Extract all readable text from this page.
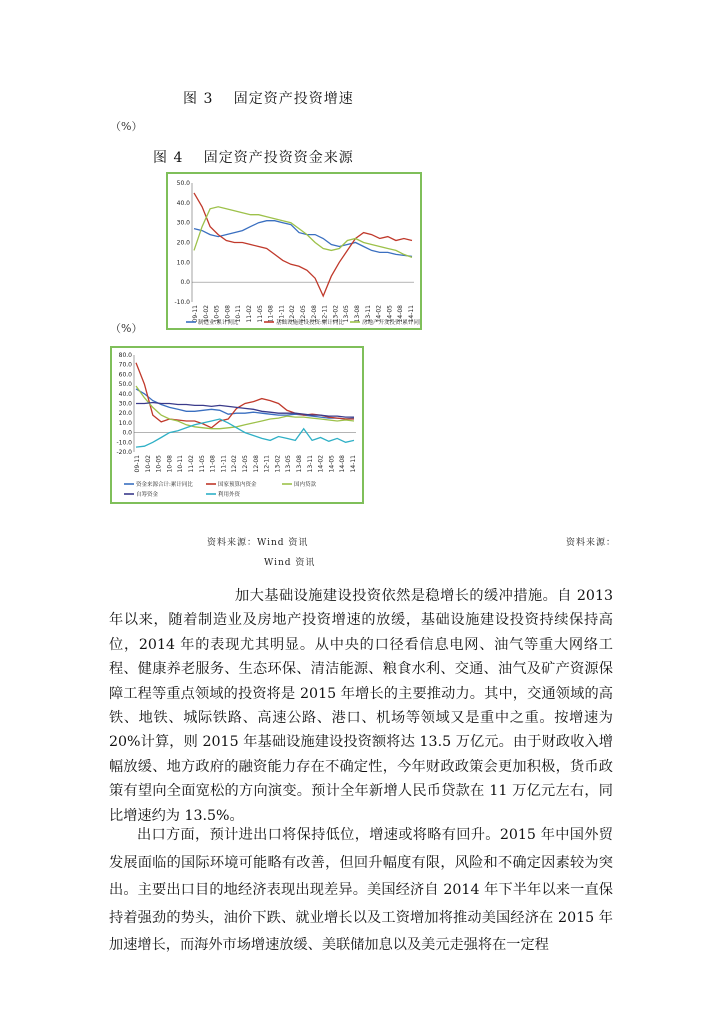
图 3　 固定资产投资增速
（%）
图 4　 固定资产投资资金来源
50.0
40.0
30.0
20.0
10.0
0.0
-10.0
09-11 10-02 10-05 10-08 10-11 11-02 11-05 11-08 11-11 12-02 12-05 12-08 12-11 13-02 13-05 13-08 13-11 14-02 14-05 14-08 14-11
制造业:累计同比	基础设施建设投资:累计同比	房地产开发投资:累计同比
（%）
80.0
70.0
60.0
50.0
40.0
30.0
20.0
10.0
0.0
-10.0
-20.0
09-11 10-02 10-05 10-08 10-11 11-02 11-05 11-08 11-11 12-02 12-05 12-08 12-11 13-02 13-05 13-08 13-11 14-02 14-05 14-08 14-11
资金来源合计:累计同比	国家预算内资金	国内贷款
自筹资金	利用外资
资料来源：Wind 资讯	资料来源：
Wind 资讯
加大基础设施建设投资依然是稳增长的缓冲措施。自 2013 年以来，随着制造业及房地产投资增速的放缓，基础设施建设投资持续保持高位，2014 年的表现尤其明显。从中央的口径看信息电网、油气等重大网络工程、健康养老服务、生态环保、清洁能源、粮食水利、交通、油气及矿产资源保障工程等重点领域的投资将是 2015 年增长的主要推动力。其中，交通领域的高铁、地铁、城际铁路、高速公路、港口、机场等领域又是重中之重。按增速为 20%计算，则 2015 年基础设施建设投资额将达 13.5 万亿元。由于财政收入增幅放缓、地方政府的融资能力存在不确定性，今年财政政策会更加积极，货币政策有望向全面宽松的方向演变。预计全年新增人民币贷款在 11 万亿元左右，同比增速约为 13.5%。
出口方面，预计进出口将保持低位，增速或将略有回升。2015 年中国外贸发展面临的国际环境可能略有改善，但回升幅度有限，风险和不确定因素较为突出。主要出口目的地经济表现出现差异。美国经济自 2014 年下半年以来一直保持着强劲的势头，油价下跌、就业增长以及工资增加将推动美国经济在 2015 年加速增长，而海外市场增速放缓、美联储加息以及美元走强将在一定程
